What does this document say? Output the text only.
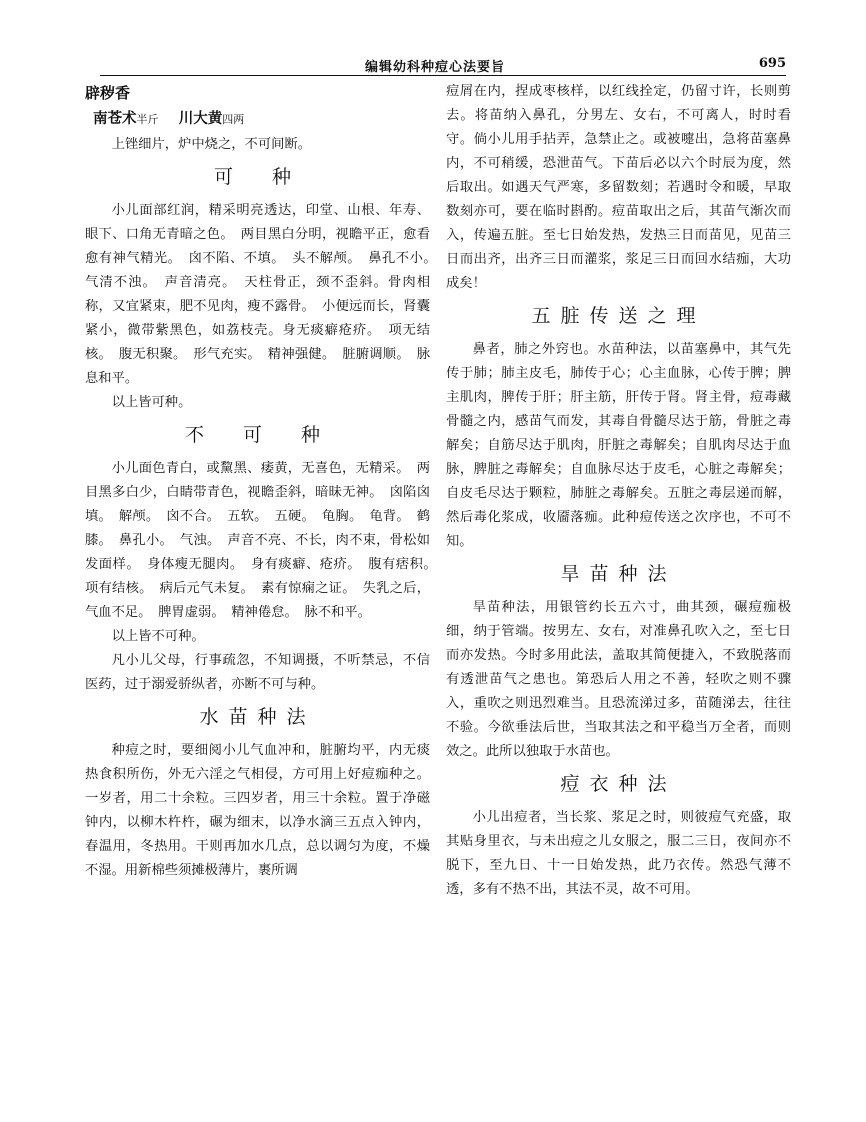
编辑幼科种痘心法要旨	695
辟秽香
南苍术半斤 川大黄四两

上锉细片，炉中烧之，不可间断。

可　种

小儿面部红润，精采明亮透达，印堂、山根、年寿、眼下、口角无青暗之色。　两目黑白分明，视瞻平正，愈看愈有神气精光。　囟不陷、不填。　头不解颅。　鼻孔不小。　气清不浊。　声音清亮。　天柱骨正，颈不歪斜。骨肉相称，又宜紧束，肥不见肉，瘦不露骨。　小便远而长，肾囊紧小，微带紫黑色，如荔枝壳。身无痰癖疮疥。　项无结核。　腹无积聚。　形气充实。　精神强健。　脏腑调顺。　脉息和平。

以上皆可种。

不　可　种

小儿面色青白，或黧黑、痿黄，无喜色，无精采。　两目黑多白少，白睛带青色，视瞻歪斜，暗昧无神。　囟陷囟填。　解颅。　囟不合。　五软。　五硬。　龟胸。　龟背。　鹤膝。　鼻孔小。　气浊。　声音不亮、不长，肉不束，骨松如发面样。　身体瘦无腿肉。　身有痰癖、疮疥。　腹有痞积。　项有结核。　病后元气未复。　素有惊痫之证。　失乳之后，气血不足。　脾胃虚弱。　精神倦怠。　脉不和平。

以上皆不可种。

凡小儿父母，行事疏忽，不知调摄，不听禁忌，不信医药，过于溺爱骄纵者，亦断不可与种。

水苗种法

种痘之时，要细阅小儿气血冲和，脏腑均平，内无痰热食积所伤，外无六淫之气相侵，方可用上好痘痂种之。一岁者，用二十余粒。三四岁者，用三十余粒。置于净磁钟内，以柳木杵杵，碾为细末，以净水滴三五点入钟内，春温用，冬热用。干则再加水几点，总以调匀为度，不燥不湿。用新棉些须摊极薄片，裹所调

痘屑在内，捏成枣核样，以红线拴定，仍留寸许，长则剪去。将苗纳入鼻孔，分男左、女右，不可离人，时时看守。倘小儿用手拈弄，急禁止之。或被嚏出，急将苗塞鼻内，不可稍缓，恐泄苗气。下苗后必以六个时辰为度，然后取出。如遇天气严寒，多留数刻；若遇时令和暖，早取数刻亦可，要在临时斟酌。痘苗取出之后，其苗气渐次而入，传遍五脏。至七日始发热，发热三日而苗见，见苗三日而出齐，出齐三日而灌浆，浆足三日而回水结痂，大功成矣！

五脏传送之理

鼻者，肺之外窍也。水苗种法，以苗塞鼻中，其气先传于肺；肺主皮毛，肺传于心；心主血脉，心传于脾；脾主肌肉，脾传于肝；肝主筋，肝传于肾。肾主骨，痘毒藏骨髓之内，感苗气而发，其毒自骨髓尽达于筋，骨脏之毒解矣；自筋尽达于肌肉，肝脏之毒解矣；自肌肉尽达于血脉，脾脏之毒解矣；自血脉尽达于皮毛，心脏之毒解矣；自皮毛尽达于颗粒，肺脏之毒解矣。五脏之毒层递而解，然后毒化浆成，收靥落痂。此种痘传送之次序也，不可不知。

旱苗种法

旱苗种法，用银管约长五六寸，曲其颈，碾痘痂极细，纳于管端。按男左、女右，对准鼻孔吹入之，至七日而亦发热。今时多用此法，盖取其简便捷入，不致脱落而有透泄苗气之患也。第恐后人用之不善，轻吹之则不骤入，重吹之则迅烈难当。且恐流涕过多，苗随涕去，往往不验。今欲垂法后世，当取其法之和平稳当万全者，而则效之。此所以独取于水苗也。

痘衣种法

小儿出痘者，当长浆、浆足之时，则彼痘气充盛，取其贴身里衣，与未出痘之儿女服之，服二三日，夜间亦不脱下，至九日、十一日始发热，此乃衣传。然恐气薄不透，多有不热不出，其法不灵，故不可用。
